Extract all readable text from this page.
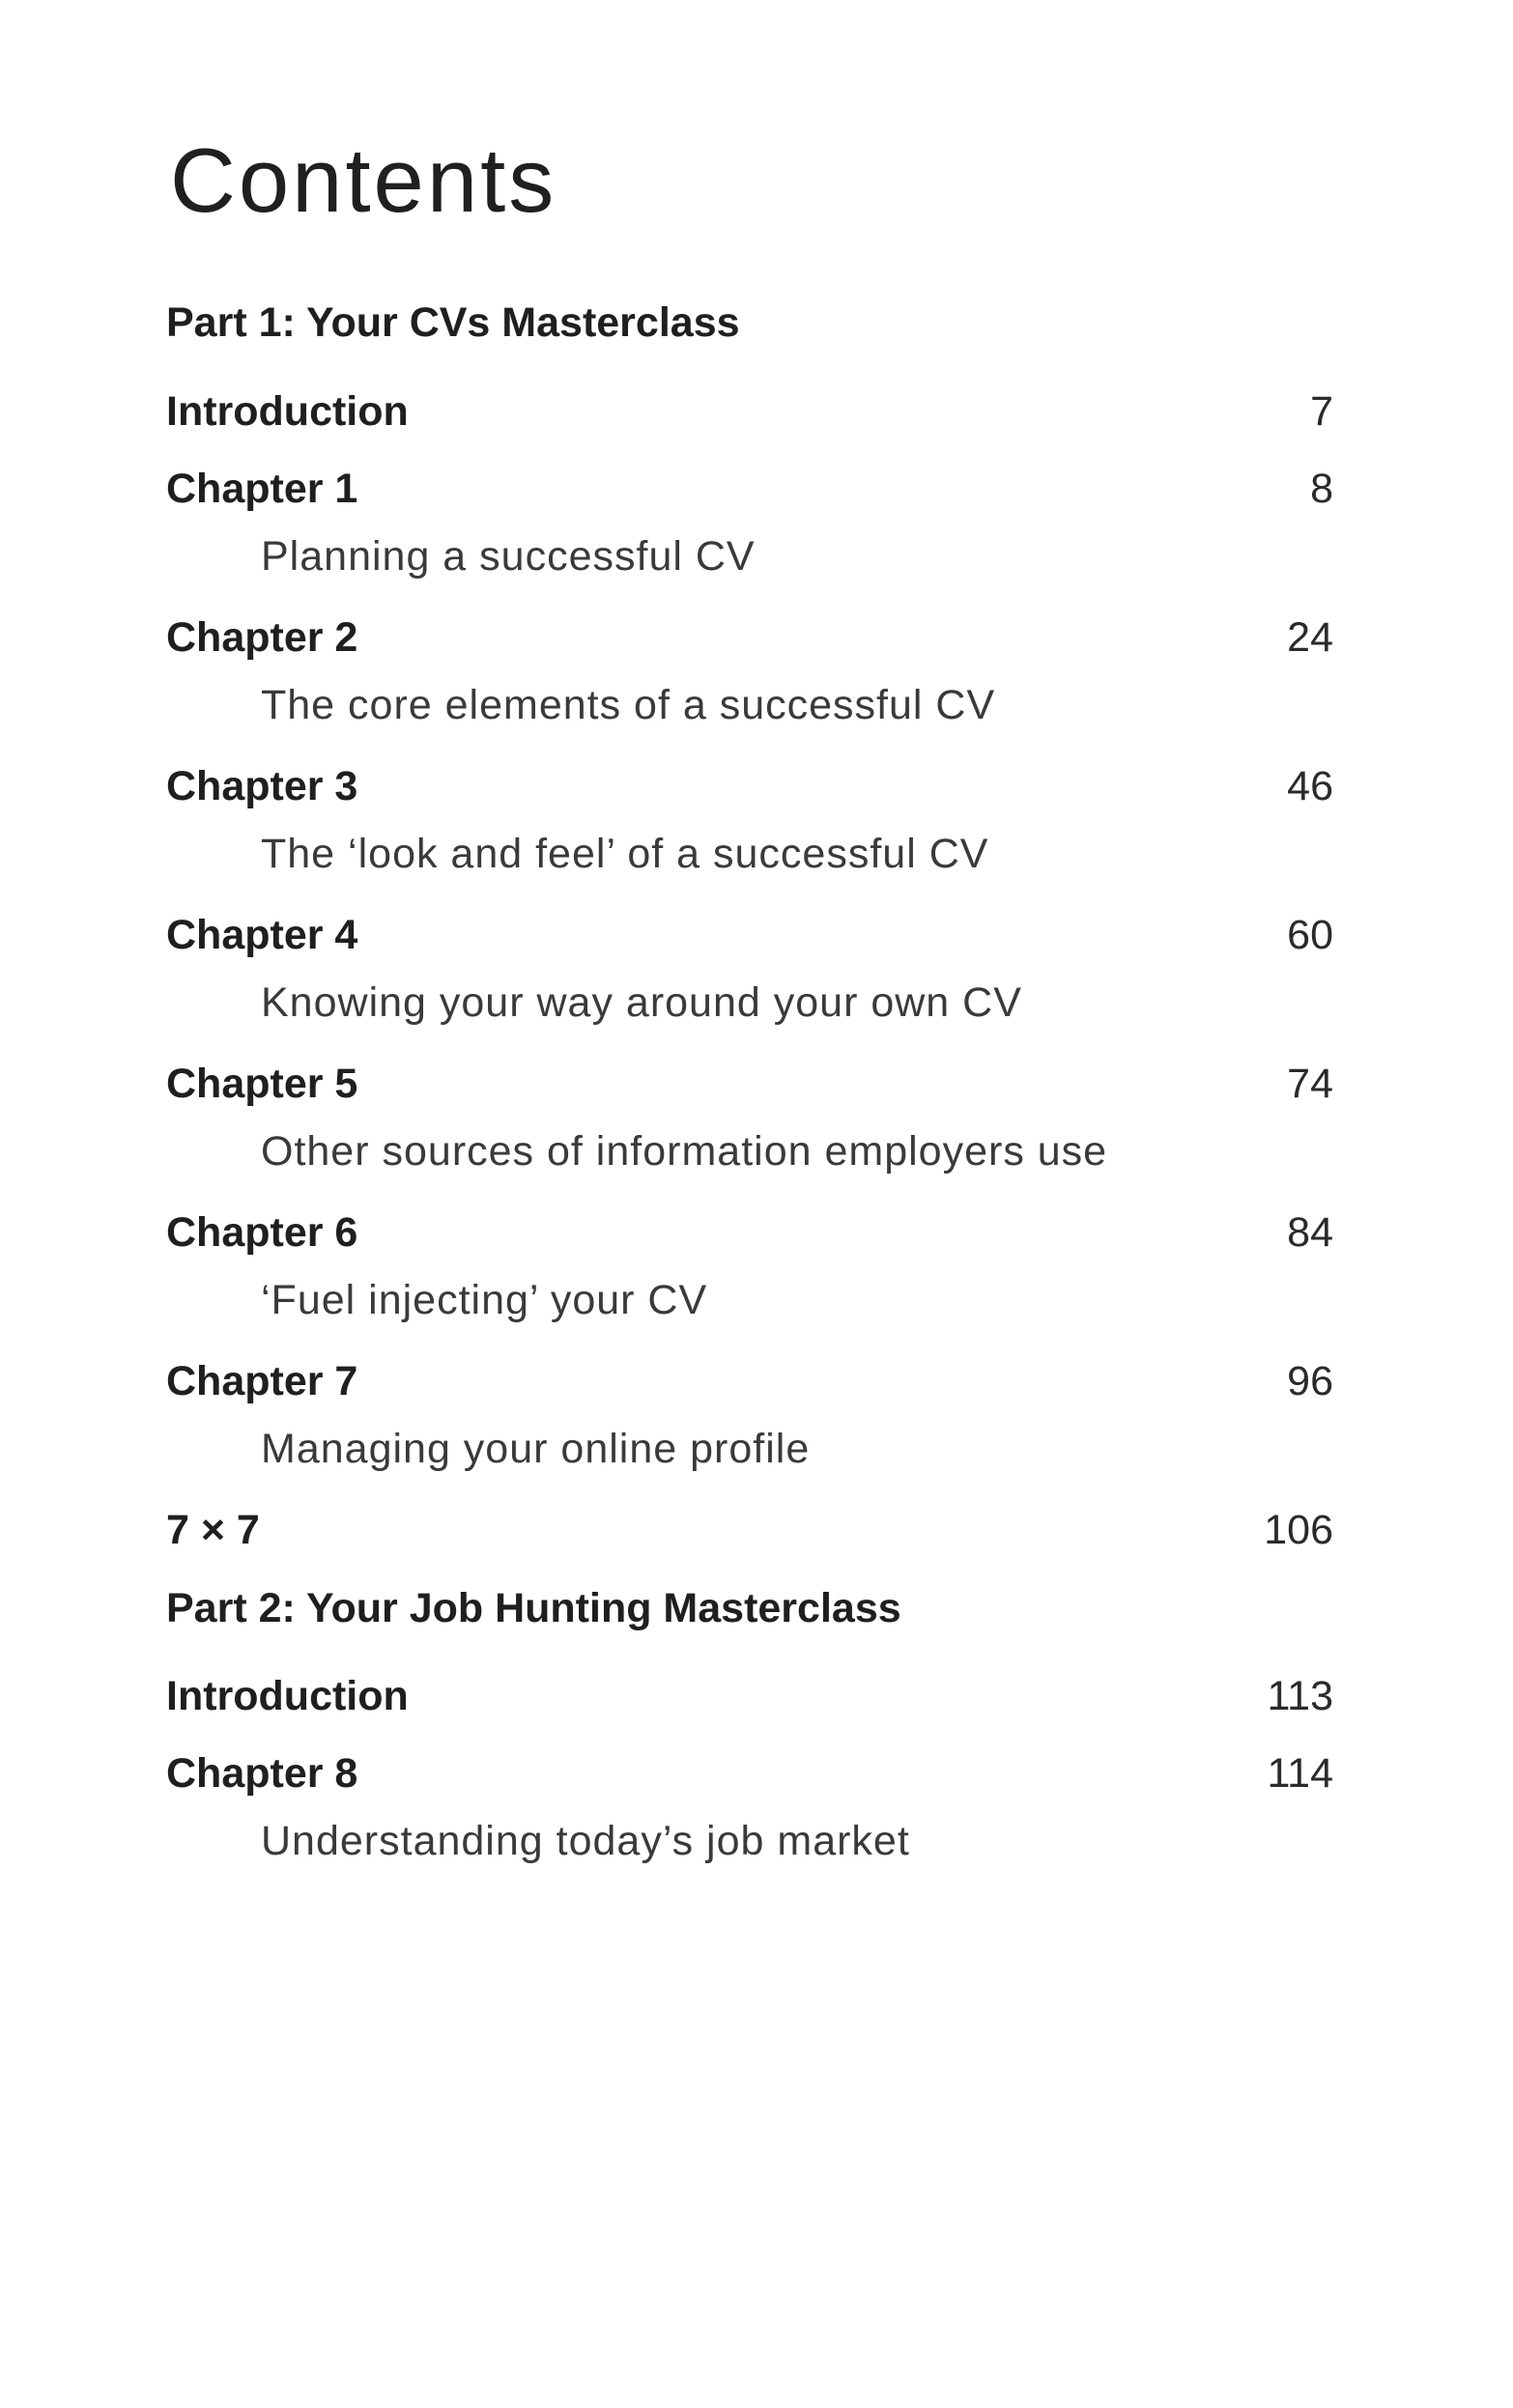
Contents
Part 1: Your CVs Masterclass
Introduction	7
Chapter 1	8
Planning a successful CV
Chapter 2	24
The core elements of a successful CV
Chapter 3	46
The ‘look and feel’ of a successful CV
Chapter 4	60
Knowing your way around your own CV
Chapter 5	74
Other sources of information employers use
Chapter 6	84
‘Fuel injecting’ your CV
Chapter 7	96
Managing your online profile
7 × 7	106
Part 2: Your Job Hunting Masterclass
Introduction	113
Chapter 8	114
Understanding today’s job market
